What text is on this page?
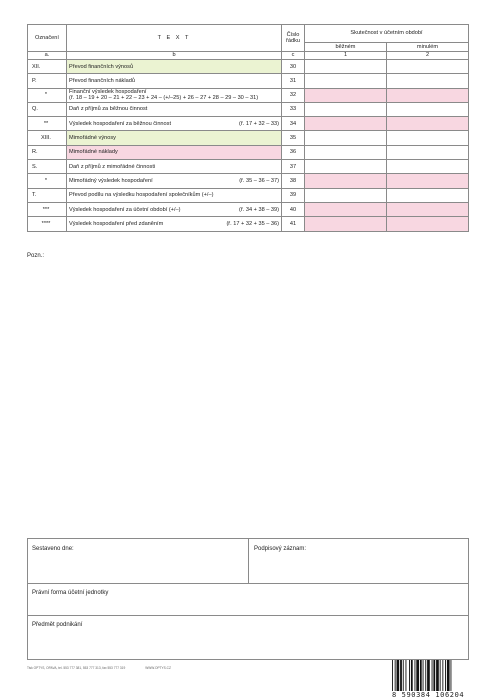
Označení	T E X T	Číslo
řádku	Skutečnost v účetním období	
			běžném	minulém
a.	b	c	1	2
XII.	Převod finančních výnosů	30		
P.	Převod finančních nákladů	31		
*	Finanční výsledek hospodaření
(ř. 18 – 19 + 20 – 21 + 22 – 23 + 24 – (+/–25) + 26 – 27 + 28 – 29 – 30 – 31)	32		
Q.	Daň z příjmů za běžnou činnost	33		
**	Výsledek hospodaření za běžnou činnost (ř. 17 + 32 – 33)	34		
XIII.	Mimořádné výnosy	35		
R.	Mimořádné náklady	36		
S.	Daň z příjmů z mimořádné činnosti	37		
*	Mimořádný výsledek hospodaření (ř. 35 – 36 – 37)	38		
T.	Převod podílu na výsledku hospodaření společníkům (+/–)	39		
***	Výsledek hospodaření za účetní období (+/–) (ř. 34 + 38 – 39)	40		
****	Výsledek hospodaření před zdaněním (ř. 17 + 32 + 35 – 36)	41		
Pozn.:
Sestaveno dne:	Podpisový záznam:
Právní forma účetní jednotky
Předmět podnikání
Tisk OPTYS, OPAVA, tel. 553 777 381, 553 777 313, fax 553 777 319	WWW.OPTYS.CZ
8 590384 106204
